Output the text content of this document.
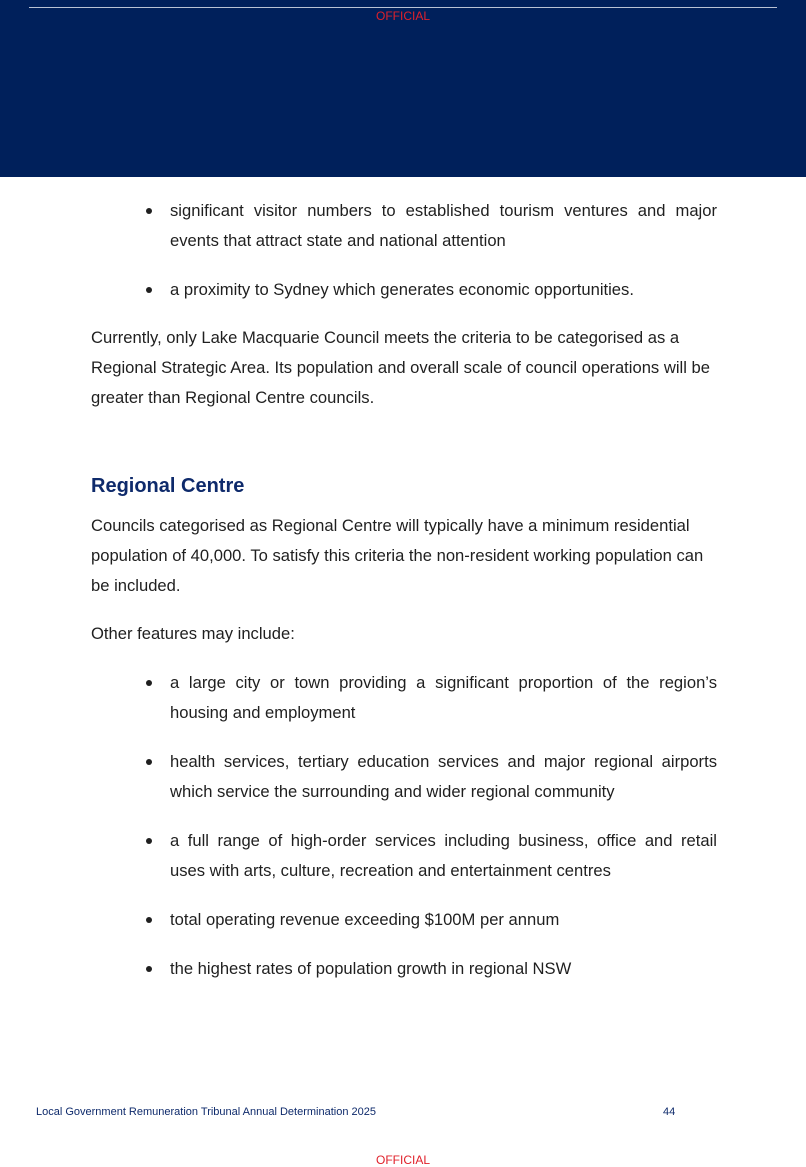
OFFICIAL
significant visitor numbers to established tourism ventures and major events that attract state and national attention
a proximity to Sydney which generates economic opportunities.

Currently, only Lake Macquarie Council meets the criteria to be categorised as a Regional Strategic Area. Its population and overall scale of council operations will be greater than Regional Centre councils.

Regional Centre

Councils categorised as Regional Centre will typically have a minimum residential population of 40,000. To satisfy this criteria the non-resident working population can be included.

Other features may include:

a large city or town providing a significant proportion of the region’s housing and employment
health services, tertiary education services and major regional airports which service the surrounding and wider regional community
a full range of high-order services including business, office and retail uses with arts, culture, recreation and entertainment centres
total operating revenue exceeding $100M per annum
the highest rates of population growth in regional NSW
Local Government Remuneration Tribunal Annual Determination 2025	44
OFFICIAL
